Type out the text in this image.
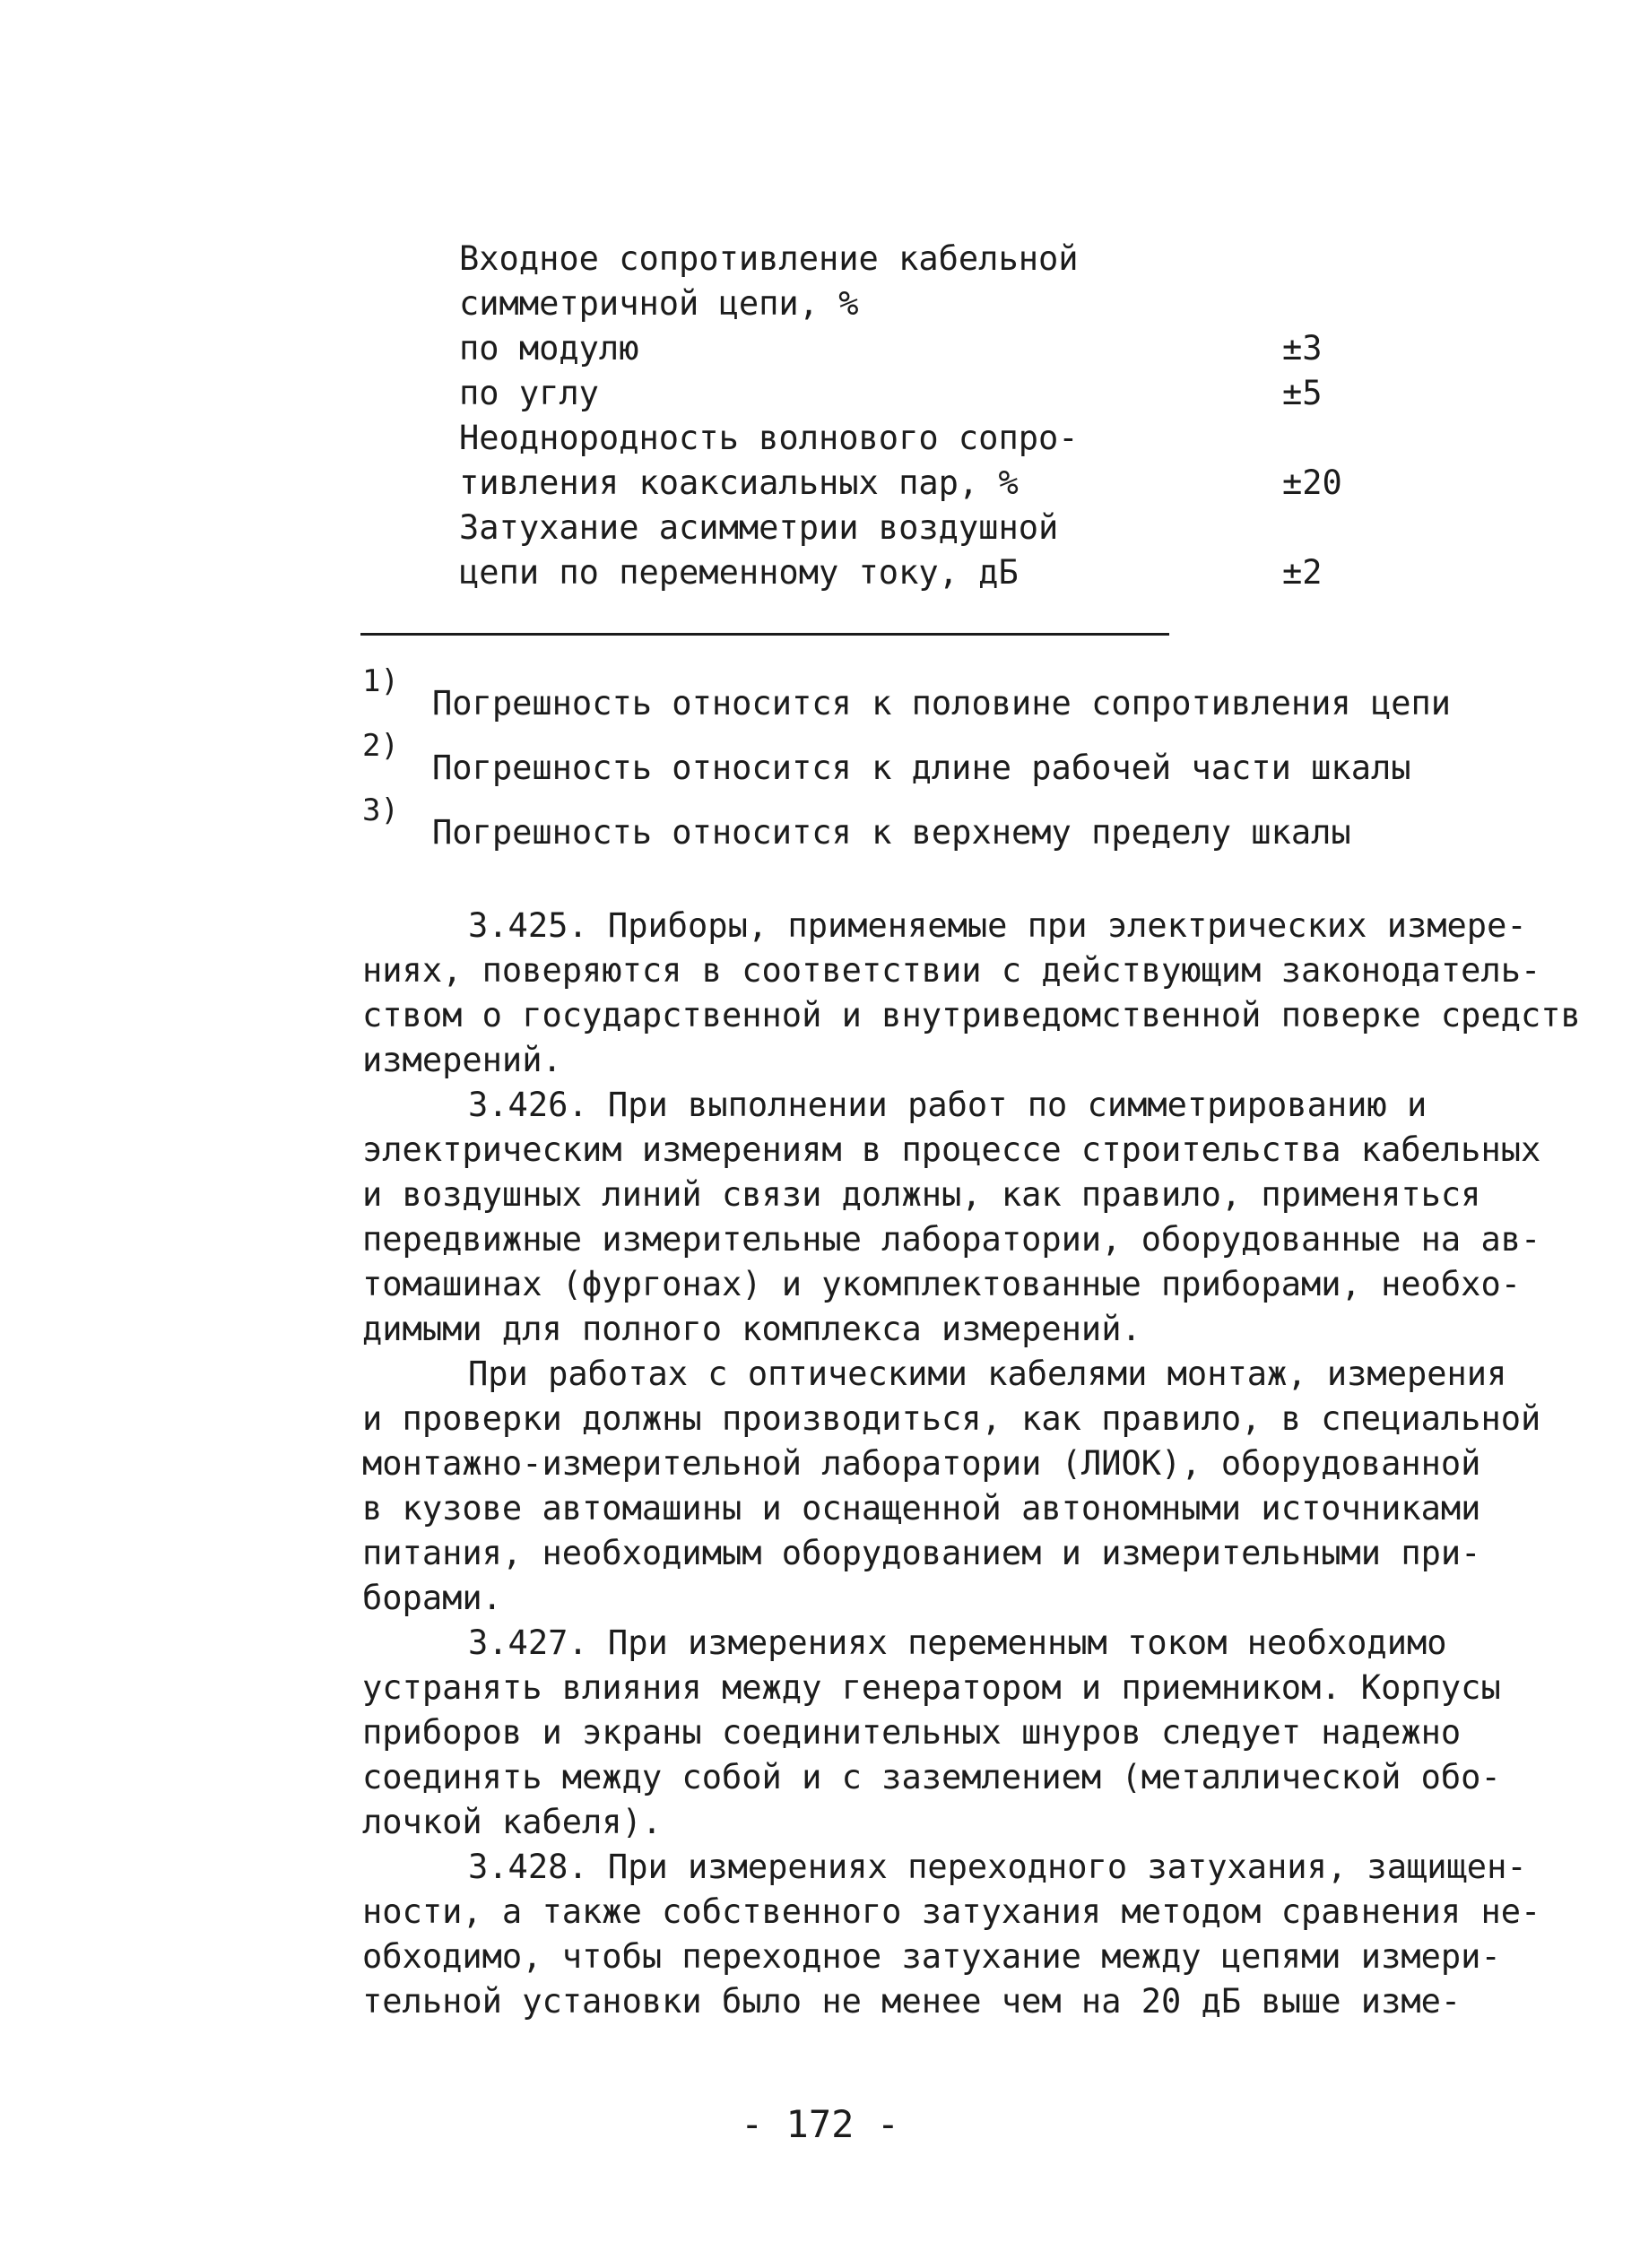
Входное сопротивление кабельной
симметричной цепи, %
по модулю	±3
по углу	±5
Неоднородность волнового сопро-
тивления коаксиальных пар, %	±20
Затухание асимметрии воздушной
цепи по переменному току, дБ	±2
1)
Погрешность относится к половине сопротивления цепи
2)
Погрешность относится к длине рабочей части шкалы
3)
Погрешность относится к верхнему пределу шкалы
3.425. Приборы, применяемые при электрических измере-
ниях, поверяются в соответствии с действующим законодатель-
ством о государственной и внутриведомственной поверке средств
измерений.
3.426. При выполнении работ по симметрированию и
электрическим измерениям в процессе строительства кабельных
и воздушных линий связи должны, как правило, применяться
передвижные измерительные лаборатории, оборудованные на ав-
томашинах (фургонах) и укомплектованные приборами, необхо-
димыми для полного комплекса измерений.
При работах с оптическими кабелями монтаж, измерения
и проверки должны производиться, как правило, в специальной
монтажно-измерительной лаборатории (ЛИОК), оборудованной
в кузове автомашины и оснащенной автономными источниками
питания, необходимым оборудованием и измерительными при-
борами.
3.427. При измерениях переменным током необходимо
устранять влияния между генератором и приемником. Корпусы
приборов и экраны соединительных шнуров следует надежно
соединять между собой и с заземлением (металлической обо-
лочкой кабеля).
3.428. При измерениях переходного затухания, защищен-
ности, а также собственного затухания методом сравнения не-
обходимо, чтобы переходное затухание между цепями измери-
тельной установки было не менее чем на 20 дБ выше изме-
- 172 -
